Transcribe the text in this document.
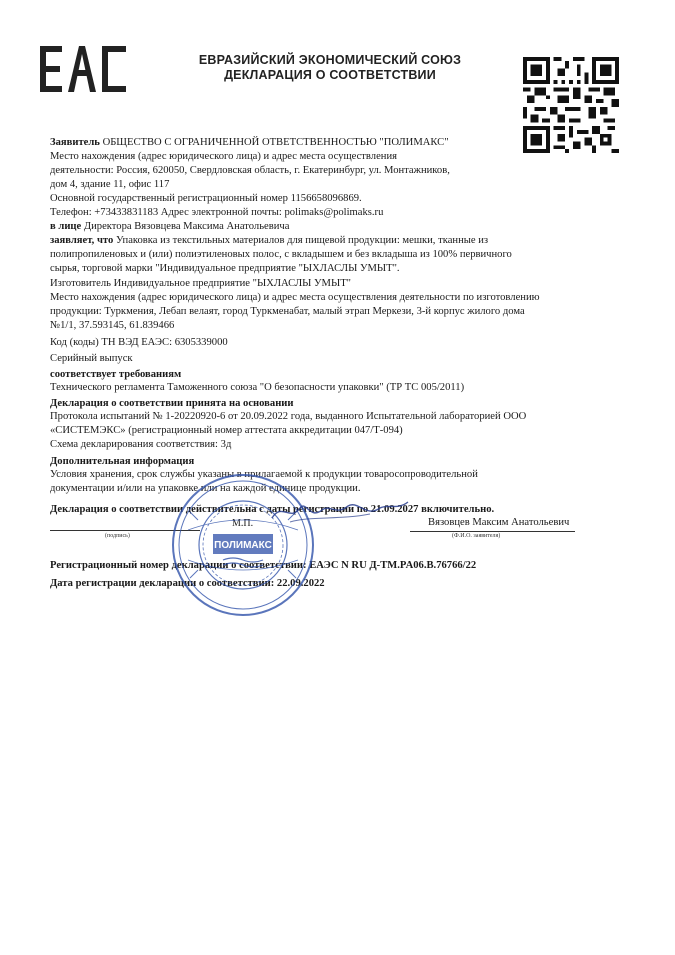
ЕВРАЗИЙСКИЙ ЭКОНОМИЧЕСКИЙ СОЮЗ
ДЕКЛАРАЦИЯ О СООТВЕТСТВИИ
Заявитель ОБЩЕСТВО С ОГРАНИЧЕННОЙ ОТВЕТСТВЕННОСТЬЮ "ПОЛИМАКС"
Место нахождения (адрес юридического лица) и адрес места осуществления
деятельности: Россия, 620050, Свердловская область, г. Екатеринбург, ул. Монтажников,
дом 4, здание 11, офис 117
Основной государственный регистрационный номер 1156658096869.
Телефон: +73433831183 Адрес электронной почты: polimaks@polimaks.ru
в лице Директора Вязовцева Максима Анатольевича
заявляет, что Упаковка из текстильных материалов для пищевой продукции: мешки, тканные из
полипропиленовых и (или) полиэтиленовых полос, с вкладышем и без вкладыша из 100% первичного
сырья, торговой марки "Индивидуальное предприятие "ЫХЛАСЛЫ УМЫТ".
Изготовитель Индивидуальное предприятие "ЫХЛАСЛЫ УМЫТ"
Место нахождения (адрес юридического лица) и адрес места осуществления деятельности по изготовлению
продукции: Туркмения, Лебап велаят, город Туркменабат, малый этрап Меркези, 3-й корпус жилого дома
№1/1, 37.593145, 61.839466
Код (коды) ТН ВЭД ЕАЭС: 6305339000
Серийный выпуск
соответствует требованиям
Технического регламента Таможенного союза "О безопасности упаковки" (ТР ТС 005/2011)
Декларация о соответствии принята на основании
Протокола испытаний № 1-20220920-6 от 20.09.2022 года, выданного Испытательной лабораторией ООО
«СИСТЕМЭКС» (регистрационный номер аттестата аккредитации 047/Т-094)
Схема декларирования соответствия: 3д
Дополнительная информация
Условия хранения, срок службы указаны в прилагаемой к продукции товаросопроводительной
документации и/или на упаковке или на каждой единице продукции.
Декларация о соответствии действительна с даты регистрации по 21.09.2027 включительно.
М.П.	Вязовцев Максим Анатольевич
(подпись)	(Ф.И.О. заявителя)
Регистрационный номер декларации о соответствии: ЕАЭС N RU Д-TM.PA06.B.76766/22
Дата регистрации декларации о соответствии: 22.09.2022
ПОЛИМАКС
